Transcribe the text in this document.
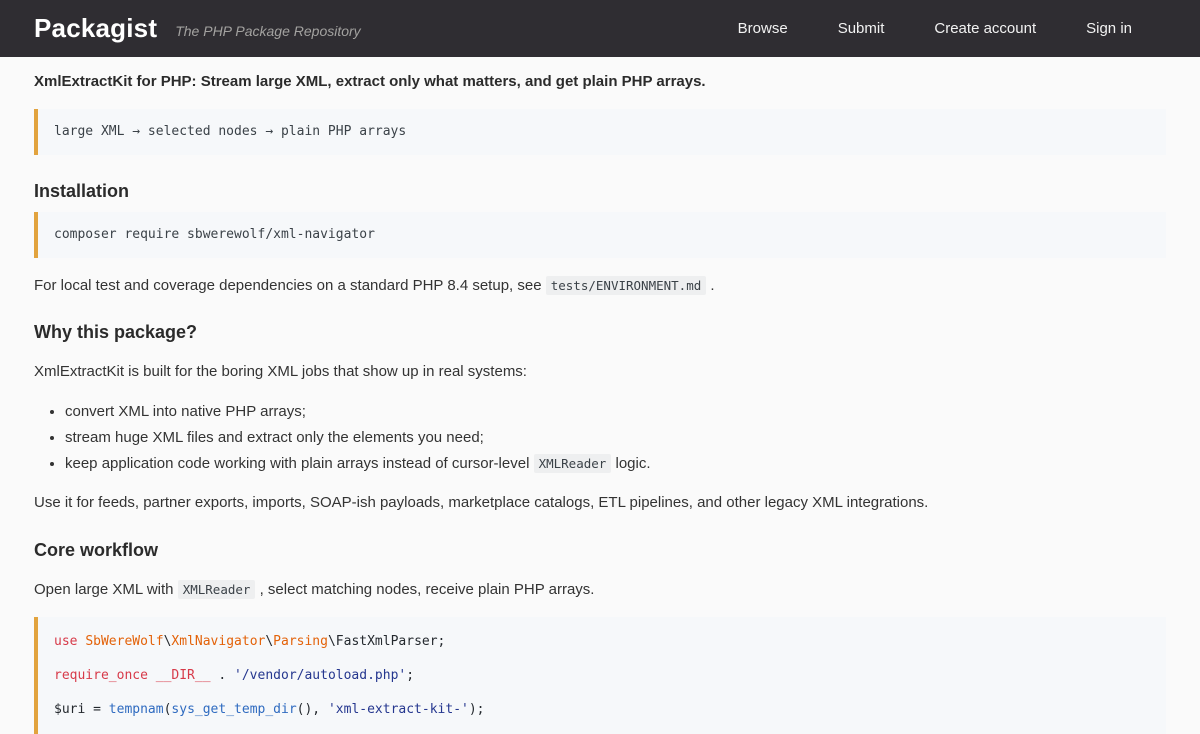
Packagist The PHP Package Repository	Browse	Submit	Create account	Sign in

XmlExtractKit for PHP: Stream large XML, extract only what matters, and get plain PHP arrays.

large XML → selected nodes → plain PHP arrays
Installation
composer require sbwerewolf/xml-navigator

For local test and coverage dependencies on a standard PHP 8.4 setup, see tests/ENVIRONMENT.md .

Why this package?

XmlExtractKit is built for the boring XML jobs that show up in real systems:

• convert XML into native PHP arrays;
• stream huge XML files and extract only the elements you need;
• keep application code working with plain arrays instead of cursor-level XMLReader logic.

Use it for feeds, partner exports, imports, SOAP-ish payloads, marketplace catalogs, ETL pipelines, and other legacy XML integrations.

Core workflow

Open large XML with XMLReader , select matching nodes, receive plain PHP arrays.

use SbWereWolf\XmlNavigator\Parsing\FastXmlParser;
require_once __DIR__ . '/vendor/autoload.php';
$uri = tempnam(sys_get_temp_dir(), 'xml-extract-kit-');
